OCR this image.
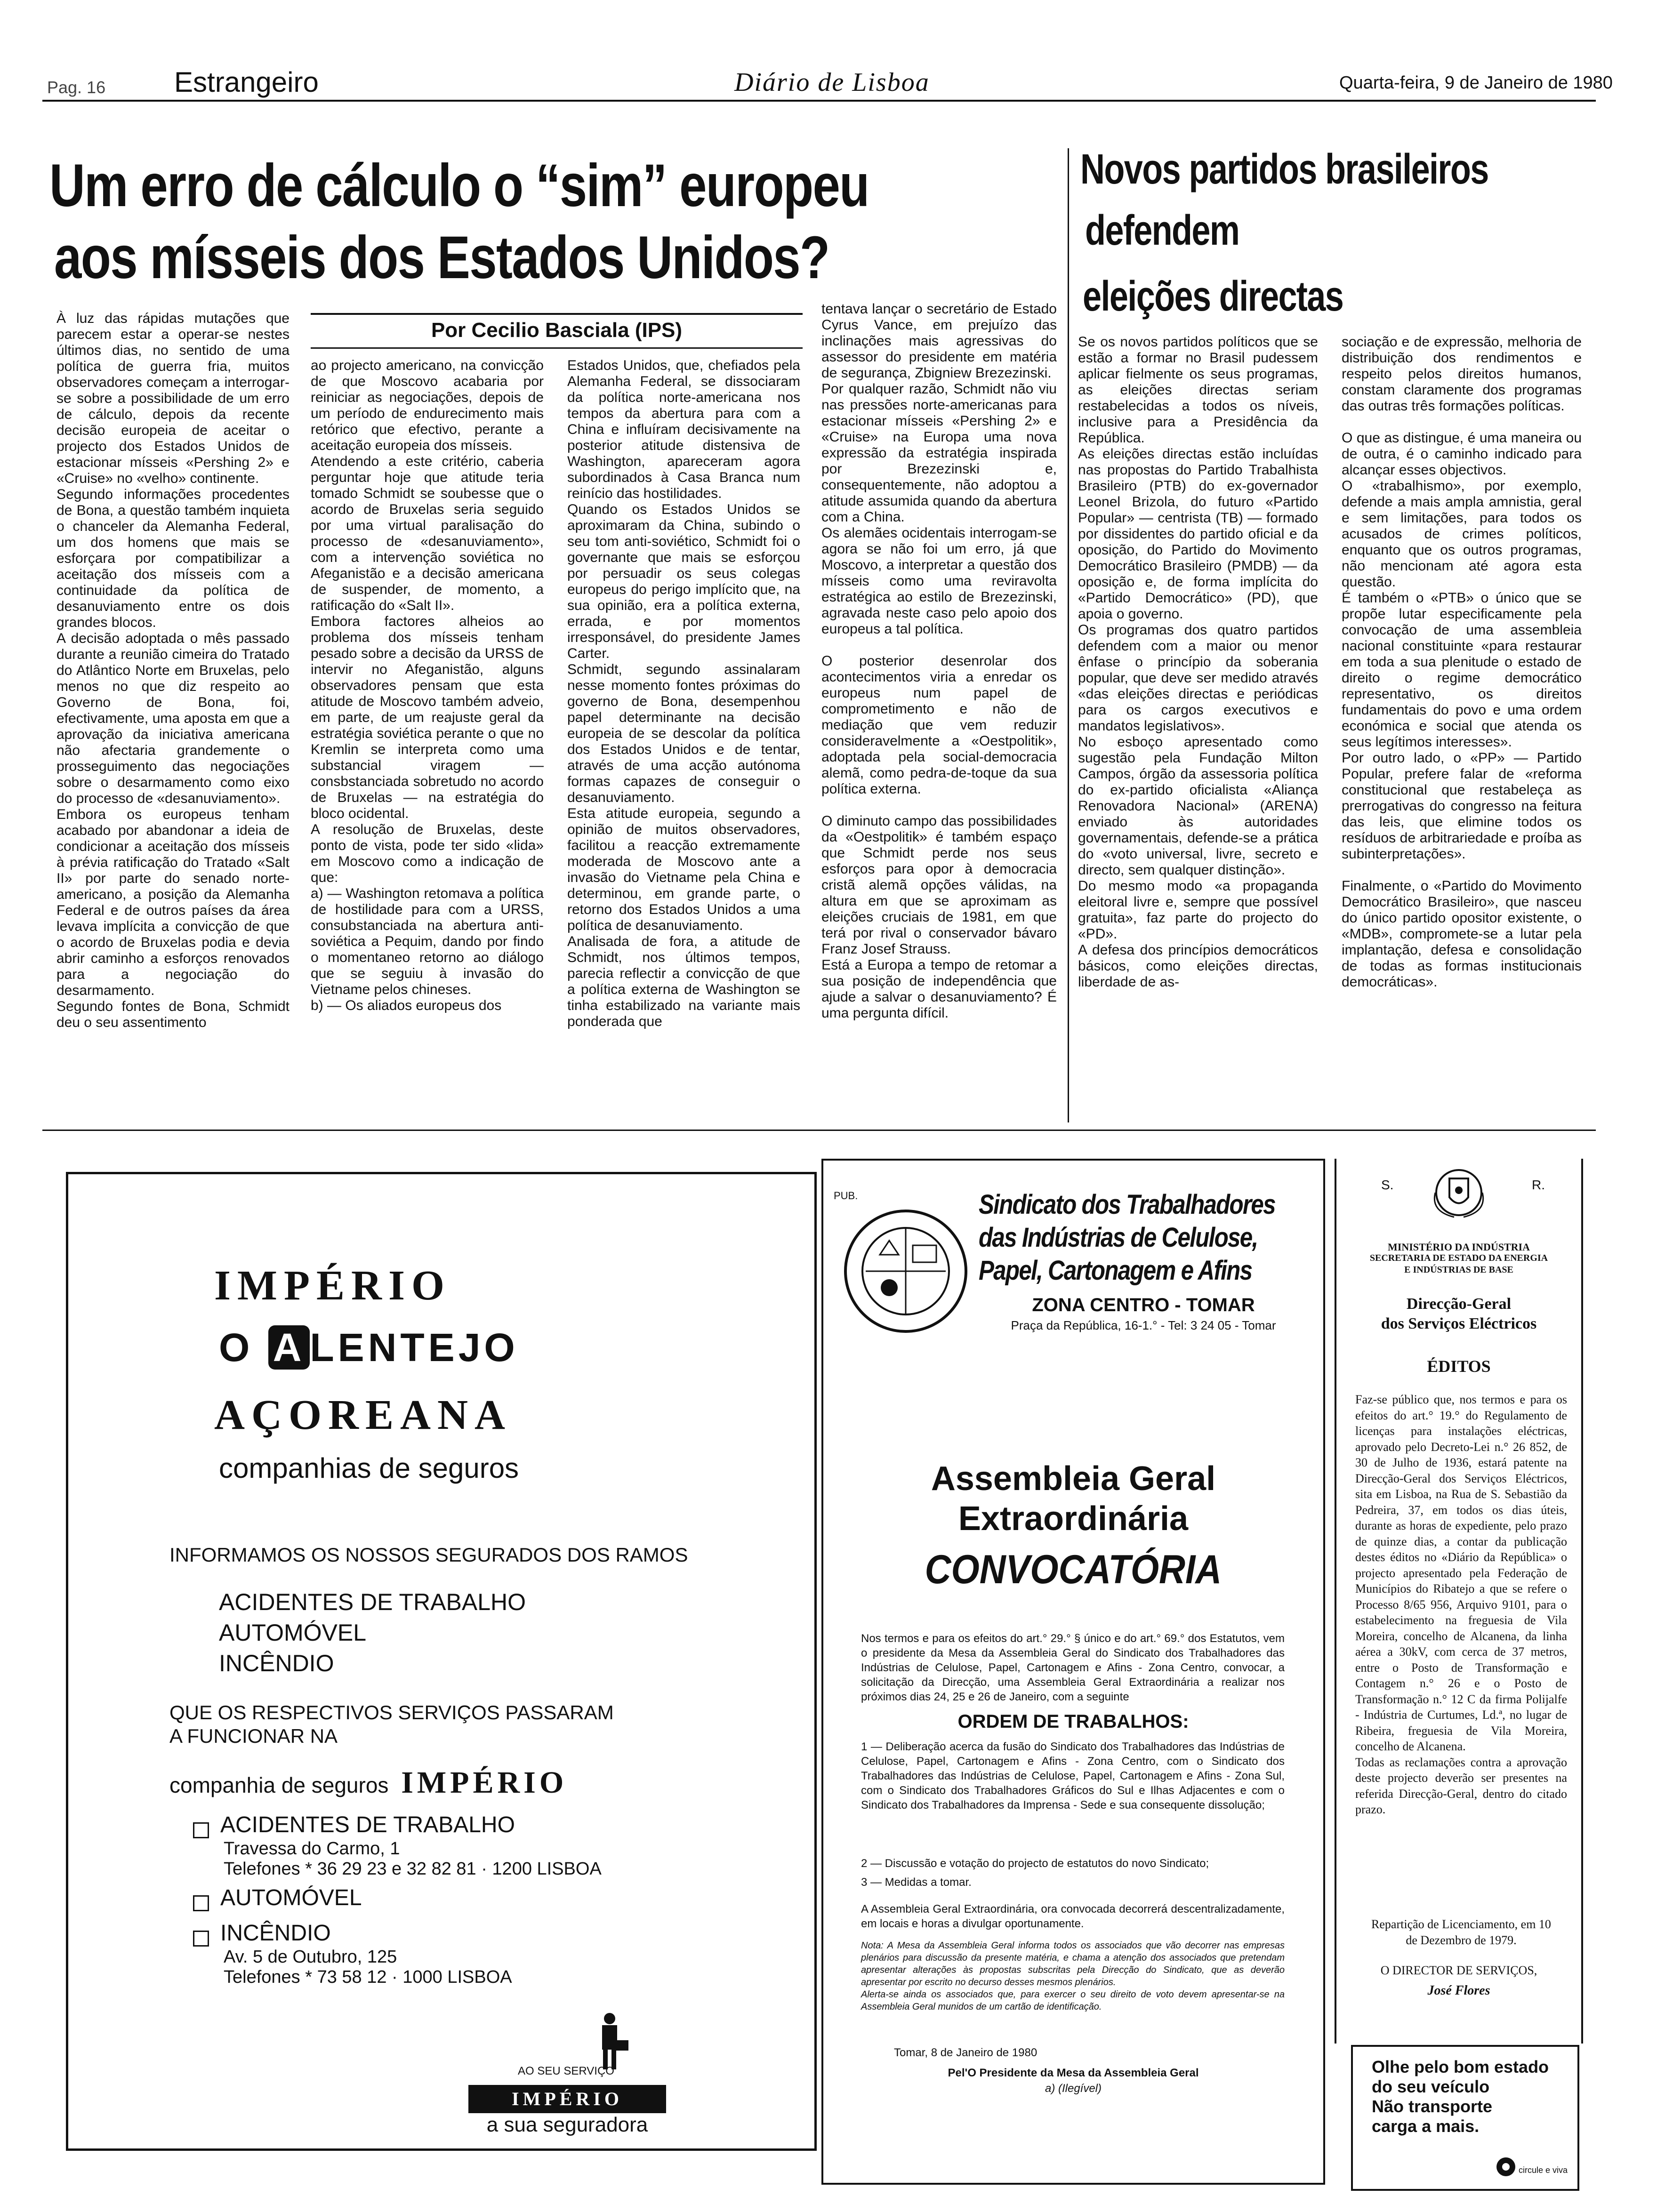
Pag. 16 Estrangeiro	Diário de Lisboa	Quarta-feira, 9 de Janeiro de 1980
Um erro de cálculo o “sim” europeu
aos mísseis dos Estados Unidos?
Por Cecilio Basciala (IPS)
À luz das rápidas mutações que parecem estar a operar-se nestes últimos dias, no sentido de uma política de guerra fria, muitos observadores começam a interrogar-se sobre a possibilidade de um erro de cálculo, depois da recente decisão europeia de aceitar o projecto dos Estados Unidos de estacionar mísseis «Pershing 2» e «Cruise» no «velho» continente.
Segundo informações procedentes de Bona, a questão também inquieta o chanceler da Alemanha Federal, um dos homens que mais se esforçara por compatibilizar a aceitação dos mísseis com a continuidade da política de desanuviamento entre os dois grandes blocos.
A decisão adoptada o mês passado durante a reunião cimeira do Tratado do Atlântico Norte em Bruxelas, pelo menos no que diz respeito ao Governo de Bona, foi, efectivamente, uma aposta em que a aprovação da iniciativa americana não afectaria grandemente o prosseguimento das negociações sobre o desarmamento como eixo do processo de «desanuviamento».
Embora os europeus tenham acabado por abandonar a ideia de condicionar a aceitação dos mísseis à prévia ratificação do Tratado «Salt II» por parte do senado norte-americano, a posição da Alemanha Federal e de outros países da área levava implícita a convicção de que o acordo de Bruxelas podia e devia abrir caminho a esforços renovados para a negociação do desarmamento.
Segundo fontes de Bona, Schmidt deu o seu assentimento
ao projecto americano, na convicção de que Moscovo acabaria por reiniciar as negociações, depois de um período de endurecimento mais retórico que efectivo, perante a aceitação europeia dos mísseis.
Atendendo a este critério, caberia perguntar hoje que atitude teria tomado Schmidt se soubesse que o acordo de Bruxelas seria seguido por uma virtual paralisação do processo de «desanuviamento», com a intervenção soviética no Afeganistão e a decisão americana de suspender, de momento, a ratificação do «Salt II».
Embora factores alheios ao problema dos mísseis tenham pesado sobre a decisão da URSS de intervir no Afeganistão, alguns observadores pensam que esta atitude de Moscovo também adveio, em parte, de um reajuste geral da estratégia soviética perante o que no Kremlin se interpreta como uma substancial viragem — consbstanciada sobretudo no acordo de Bruxelas — na estratégia do bloco ocidental.
A resolução de Bruxelas, deste ponto de vista, pode ter sido «lida» em Moscovo como a indicação de que:
a) — Washington retomava a política de hostilidade para com a URSS, consubstanciada na abertura anti-soviética a Pequim, dando por findo o momentaneo retorno ao diálogo que se seguiu à invasão do Vietname pelos chineses.
b) — Os aliados europeus dos
Estados Unidos, que, chefiados pela Alemanha Federal, se dissociaram da política norte-americana nos tempos da abertura para com a China e influíram decisivamente na posterior atitude distensiva de Washington, apareceram agora subordinados à Casa Branca num reinício das hostilidades.
Quando os Estados Unidos se aproximaram da China, subindo o seu tom anti-soviético, Schmidt foi o governante que mais se esforçou por persuadir os seus colegas europeus do perigo implícito que, na sua opinião, era a política externa, errada, e por momentos irresponsável, do presidente James Carter.
Schmidt, segundo assinalaram nesse momento fontes próximas do governo de Bona, desempenhou papel determinante na decisão europeia de se descolar da política dos Estados Unidos e de tentar, através de uma acção autónoma formas capazes de conseguir o desanuviamento.
Esta atitude europeia, segundo a opinião de muitos observadores, facilitou a reacção extremamente moderada de Moscovo ante a invasão do Vietname pela China e determinou, em grande parte, o retorno dos Estados Unidos a uma política de desanuviamento.
Analisada de fora, a atitude de Schmidt, nos últimos tempos, parecia reflectir a convicção de que a política externa de Washington se tinha estabilizado na variante mais ponderada que
tentava lançar o secretário de Estado Cyrus Vance, em prejuízo das inclinações mais agressivas do assessor do presidente em matéria de segurança, Zbigniew Brezezinski.
Por qualquer razão, Schmidt não viu nas pressões norte-americanas para estacionar mísseis «Pershing 2» e «Cruise» na Europa uma nova expressão da estratégia inspirada por Brezezinski e, consequentemente, não adoptou a atitude assumida quando da abertura com a China.
Os alemães ocidentais interrogam-se agora se não foi um erro, já que Moscovo, a interpretar a questão dos mísseis como uma reviravolta estratégica ao estilo de Brezezinski, agravada neste caso pelo apoio dos europeus a tal política.

O posterior desenrolar dos acontecimentos viria a enredar os europeus num papel de comprometimento e não de mediação que vem reduzir consideravelmente a «Oestpolitik», adoptada pela social-democracia alemã, como pedra-de-toque da sua política externa.

O diminuto campo das possibilidades da «Oestpolitik» é também espaço que Schmidt perde nos seus esforços para opor à democracia cristã alemã opções válidas, na altura em que se aproximam as eleições cruciais de 1981, em que terá por rival o conservador bávaro Franz Josef Strauss.
Está a Europa a tempo de retomar a sua posição de independência que ajude a salvar o desanuviamento? É uma pergunta difícil.
Novos partidos brasileiros
defendem
eleições directas
Se os novos partidos políticos que se estão a formar no Brasil pudessem aplicar fielmente os seus programas, as eleições directas seriam restabelecidas a todos os níveis, inclusive para a Presidência da República.
As eleições directas estão incluídas nas propostas do Partido Trabalhista Brasileiro (PTB) do ex-governador Leonel Brizola, do futuro «Partido Popular» — centrista (TB) — formado por dissidentes do partido oficial e da oposição, do Partido do Movimento Democrático Brasileiro (PMDB) — da oposição e, de forma implícita do «Partido Democrático» (PD), que apoia o governo.
Os programas dos quatro partidos defendem com a maior ou menor ênfase o princípio da soberania popular, que deve ser medido através «das eleições directas e periódicas para os cargos executivos e mandatos legislativos».
No esboço apresentado como sugestão pela Fundação Milton Campos, órgão da assessoria política do ex-partido oficialista «Aliança Renovadora Nacional» (ARENA) enviado às autoridades governamentais, defende-se a prática do «voto universal, livre, secreto e directo, sem qualquer distinção».
Do mesmo modo «a propaganda eleitoral livre e, sempre que possível gratuita», faz parte do projecto do «PD».
A defesa dos princípios democráticos básicos, como eleições directas, liberdade de as-
sociação e de expressão, melhoria de distribuição dos rendimentos e respeito pelos direitos humanos, constam claramente dos programas das outras três formações políticas.

O que as distingue, é uma maneira ou de outra, é o caminho indicado para alcançar esses objectivos.
O «trabalhismo», por exemplo, defende a mais ampla amnistia, geral e sem limitações, para todos os acusados de crimes políticos, enquanto que os outros programas, não mencionam até agora esta questão.
É também o «PTB» o único que se propõe lutar especificamente pela convocação de uma assembleia nacional constituinte «para restaurar em toda a sua plenitude o estado de direito o regime democrático representativo, os direitos fundamentais do povo e uma ordem económica e social que atenda os seus legítimos interesses».
Por outro lado, o «PP» — Partido Popular, prefere falar de «reforma constitucional que restabeleça as prerrogativas do congresso na feitura das leis, que elimine todos os resíduos de arbitrariedade e proíba as subinterpretações».

Finalmente, o «Partido do Movimento Democrático Brasileiro», que nasceu do único partido opositor existente, o «MDB», compromete-se a lutar pela implantação, defesa e consolidação de todas as formas institucionais democráticas».
IMPÉRIO
O A LENTEJO
AÇOREANA
companhias de seguros
INFORMAMOS OS NOSSOS SEGURADOS DOS RAMOS
ACIDENTES DE TRABALHO
AUTOMÓVEL
INCÊNDIO
QUE OS RESPECTIVOS SERVIÇOS PASSARAM
A FUNCIONAR NA
companhia de seguros IMPÉRIO
ACIDENTES DE TRABALHO
Travessa do Carmo, 1
Telefones * 36 29 23 e 32 82 81 · 1200 LISBOA
AUTOMÓVEL
INCÊNDIO
Av. 5 de Outubro, 125
Telefones * 73 58 12 · 1000 LISBOA
AO SEU SERVIÇO
IMPÉRIO
a sua seguradora
PUB.	Sindicato dos Trabalhadores
das Indústrias de Celulose,
Papel, Cartonagem e Afins
ZONA CENTRO - TOMAR
Praça da República, 16-1.° - Tel: 3 24 05 - Tomar
Assembleia Geral
Extraordinária
CONVOCATÓRIA
Nos termos e para os efeitos do art.° 29.° § único e do art.° 69.° dos Estatutos, vem o presidente da Mesa da Assembleia Geral do Sindicato dos Trabalhadores das Indústrias de Celulose, Papel, Cartonagem e Afins - Zona Centro, convocar, a solicitação da Direcção, uma Assembleia Geral Extraordinária a realizar nos próximos dias 24, 25 e 26 de Janeiro, com a seguinte
ORDEM DE TRABALHOS:
1 — Deliberação acerca da fusão do Sindicato dos Trabalhadores das Indústrias de Celulose, Papel, Cartonagem e Afins - Zona Centro, com o Sindicato dos Trabalhadores das Indústrias de Celulose, Papel, Cartonagem e Afins - Zona Sul, com o Sindicato dos Trabalhadores Gráficos do Sul e Ilhas Adjacentes e com o Sindicato dos Trabalhadores da Imprensa - Sede e sua consequente dissolução;
2 — Discussão e votação do projecto de estatutos do novo Sindicato;
3 — Medidas a tomar.
A Assembleia Geral Extraordinária, ora convocada decorrerá descentralizadamente, em locais e horas a divulgar oportunamente.
Nota: A Mesa da Assembleia Geral informa todos os associados que vão decorrer nas empresas plenários para discussão da presente matéria, e chama a atenção dos associados que pretendam apresentar alterações às propostas subscritas pela Direcção do Sindicato, que as deverão apresentar por escrito no decurso desses mesmos plenários.
Alerta-se ainda os associados que, para exercer o seu direito de voto devem apresentar-se na Assembleia Geral munidos de um cartão de identificação.
Tomar, 8 de Janeiro de 1980
Pel'O Presidente da Mesa da Assembleia Geral
a) (Ilegível)
S.	R.
MINISTÉRIO DA INDÚSTRIA
SECRETARIA DE ESTADO DA ENERGIA
E INDÚSTRIAS DE BASE
Direcção-Geral
dos Serviços Eléctricos
ÉDITOS
Faz-se público que, nos termos e para os efeitos do art.° 19.° do Regulamento de licenças para instalações eléctricas, aprovado pelo Decreto-Lei n.° 26 852, de 30 de Julho de 1936, estará patente na Direcção-Geral dos Serviços Eléctricos, sita em Lisboa, na Rua de S. Sebastião da Pedreira, 37, em todos os dias úteis, durante as horas de expediente, pelo prazo de quinze dias, a contar da publicação destes éditos no «Diário da República» o projecto apresentado pela Federação de Municípios do Ribatejo a que se refere o Processo 8/65 956, Arquivo 9101, para o estabelecimento na freguesia de Vila Moreira, concelho de Alcanena, da linha aérea a 30kV, com cerca de 37 metros, entre o Posto de Transformação e Contagem n.° 26 e o Posto de Transformação n.° 12 C da firma Polijalfe - Indústria de Curtumes, Ld.ª, no lugar de Ribeira, freguesia de Vila Moreira, concelho de Alcanena.
Todas as reclamações contra a aprovação deste projecto deverão ser presentes na referida Direcção-Geral, dentro do citado prazo.
Repartição de Licenciamento, em 10 de Dezembro de 1979.
O DIRECTOR DE SERVIÇOS,
José Flores
Olhe pelo bom estado
do seu veículo
Não transporte
carga a mais.
circule e viva
